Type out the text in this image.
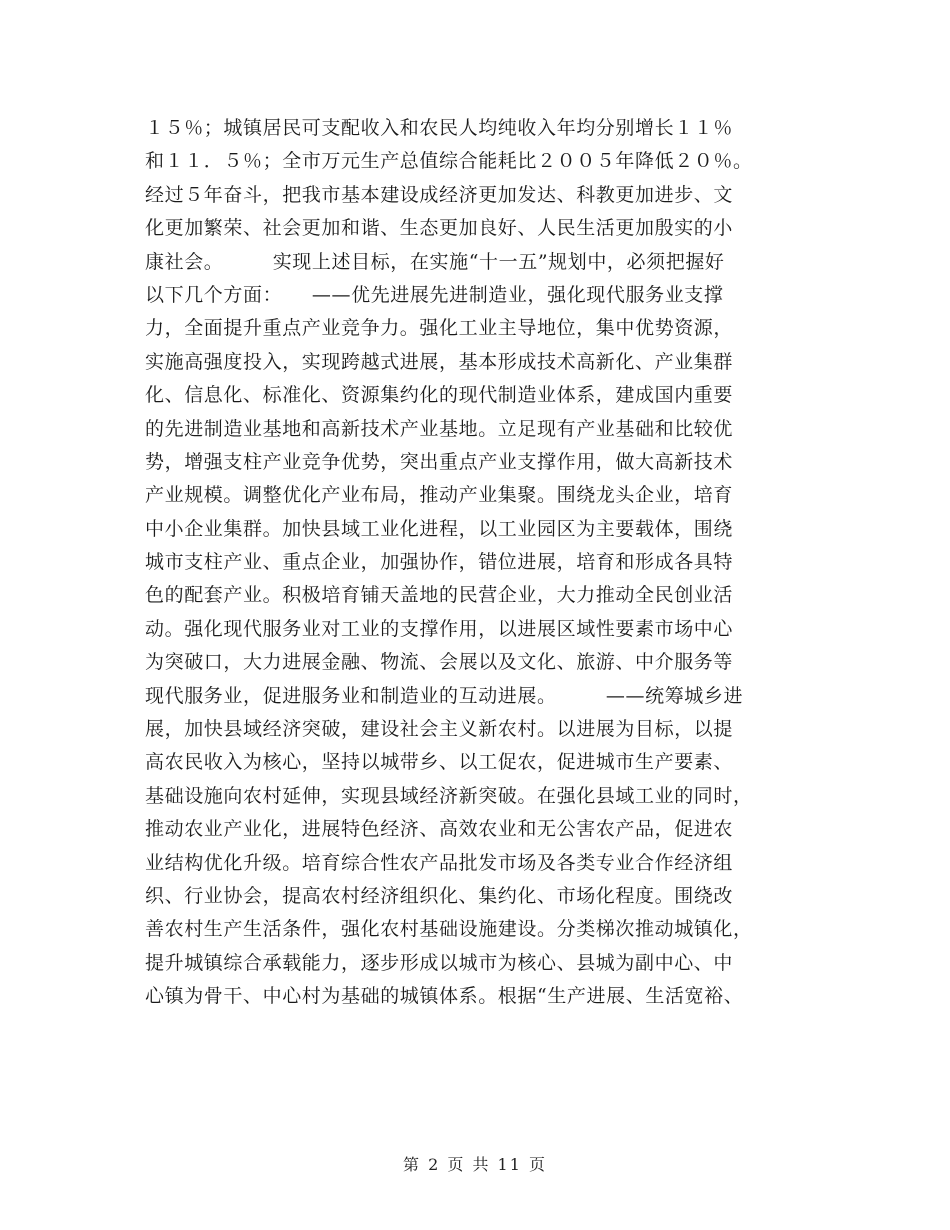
１５％；城镇居民可支配收入和农民人均纯收入年均分别增长１１％
和１１．５％；全市万元生产总值综合能耗比２００５年降低２０％。
经过５年奋斗，把我市基本建设成经济更加发达、科教更加进步、文
化更加繁荣、社会更加和谐、生态更加良好、人民生活更加殷实的小
康社会。　　　实现上述目标，在实施“十一五”规划中，必须把握好
以下几个方面：　　——优先进展先进制造业，强化现代服务业支撑
力，全面提升重点产业竞争力。强化工业主导地位，集中优势资源，
实施高强度投入，实现跨越式进展，基本形成技术高新化、产业集群
化、信息化、标准化、资源集约化的现代制造业体系，建成国内重要
的先进制造业基地和高新技术产业基地。立足现有产业基础和比较优
势，增强支柱产业竞争优势，突出重点产业支撑作用，做大高新技术
产业规模。调整优化产业布局，推动产业集聚。围绕龙头企业，培育
中小企业集群。加快县域工业化进程，以工业园区为主要载体，围绕
城市支柱产业、重点企业，加强协作，错位进展，培育和形成各具特
色的配套产业。积极培育铺天盖地的民营企业，大力推动全民创业活
动。强化现代服务业对工业的支撑作用，以进展区域性要素市场中心
为突破口，大力进展金融、物流、会展以及文化、旅游、中介服务等
现代服务业，促进服务业和制造业的互动进展。　　　——统筹城乡进
展，加快县域经济突破，建设社会主义新农村。以进展为目标，以提
高农民收入为核心，坚持以城带乡、以工促农，促进城市生产要素、
基础设施向农村延伸，实现县域经济新突破。在强化县域工业的同时，
推动农业产业化，进展特色经济、高效农业和无公害农产品，促进农
业结构优化升级。培育综合性农产品批发市场及各类专业合作经济组
织、行业协会，提高农村经济组织化、集约化、市场化程度。围绕改
善农村生产生活条件，强化农村基础设施建设。分类梯次推动城镇化，
提升城镇综合承载能力，逐步形成以城市为核心、县城为副中心、中
心镇为骨干、中心村为基础的城镇体系。根据“生产进展、生活宽裕、
第 2 页 共 11 页
